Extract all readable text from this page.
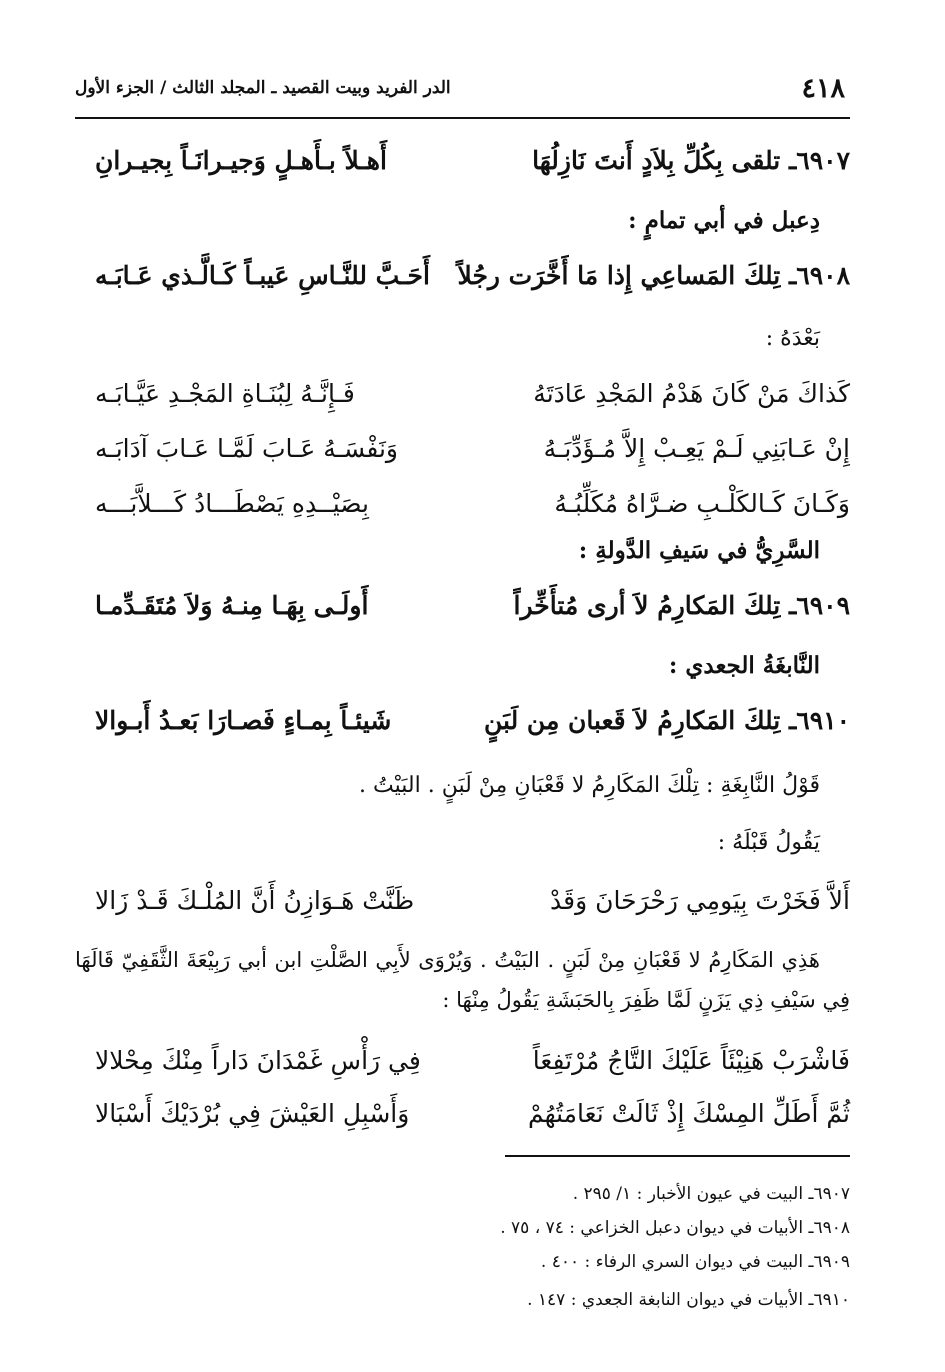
٤١٨
الدر الفريد وبيت القصيد ـ المجلد الثالث / الجزء الأول
٦٩٠٧ـ تلقى بِكُلِّ بِلاَدٍ أَنتَ نَازِلُهَا
أَهـلاً بـأَهـلٍ وَجيـرانَـاً بِجيـرانِ
دِعبل في أبي تمامٍ :
٦٩٠٨ـ تِلكَ المَساعِي إِذا مَا أَخَّرَت رجُلاً
أَحَـبَّ للنَّـاسِ عَيبـاً كَـالَّـذي عَـابَـه
بَعْدَهُ :
كَذاكَ مَنْ كَانَ هَدْمُ المَجْدِ عَادَتَهُ
فَـإِنَّـهُ لِبُنَـاةِ المَجْـدِ عَيَّـابَـه
إِنْ عَـابَنِي لَـمْ يَعِـبْ إِلاَّ مُـؤَدِّبَـهُ
وَنَفْسَـهُ عَـابَ لَمَّـا عَـابَ آدَابَـه
وَكَـانَ كَـالكَلْـبِ ضـرَّاهُ مُكَلِّبُـهُ
بِصَيْــدِهِ يَصْطَـــادُ كَـــلاَّبَـــه
السَّرِيُّ في سَيفِ الدَّولةِ :
٦٩٠٩ـ تِلكَ المَكارِمُ لاَ أرى مُتأَخِّراً
أَولَـى بِهَـا مِنـهُ وَلاَ مُتَقَـدِّمـا
النَّابغَةُ الجعدي :
٦٩١٠ـ تِلكَ المَكارِمُ لاَ قَعبان مِن لَبَنٍ
شَيئـاً بِمـاءٍ فَصـارَا بَعـدُ أَبـوالا
قَوْلُ النَّابِغَةِ : تِلْكَ المَكَارِمُ لا قَعْبَانِ مِنْ لَبَنٍ . البَيْتُ .
يَقُولُ قَبْلَهُ :
أَلاَّ فَخَرْتَ بِيَومِي رَحْرَحَانَ وَقَدْ
ظَنَّتْ هَـوَازِنُ أَنَّ المُلْـكَ قَـدْ زَالا
هَذِي المَكَارِمُ لا قَعْبَانِ مِنْ لَبَنٍ . البَيْتُ . وَيُرْوَى لأَبِي الصَّلْتِ ابن أبي رَبِيْعَةَ الثَّقَفِيّ قَالَهَا فِي سَيْفِ ذِي يَزَنٍ لَمَّا ظَفِرَ بِالحَبَشَةِ يَقُولُ مِنْهَا :
فَاشْرَبْ هَنِيْئَاً عَلَيْكَ التَّاجُ مُرْتَفِعَاً
فِي رَأْسِ غَمْدَانَ دَاراً مِنْكَ مِحْلالا
ثُمَّ أَطَلِّ المِسْكَ إِذْ ثَالَتْ نَعَامَتُهُمْ
وَأَسْبِلِ العَيْشَ فِي بُرْدَيْكَ أَسْبَالا
٦٩٠٧ـ البيت في عيون الأخبار : ١/ ٢٩٥ .
٦٩٠٨ـ الأبيات في ديوان دعبل الخزاعي : ٧٤ ، ٧٥ .
٦٩٠٩ـ البيت في ديوان السري الرفاء : ٤٠٠ .
٦٩١٠ـ الأبيات في ديوان النابغة الجعدي : ١٤٧ .
